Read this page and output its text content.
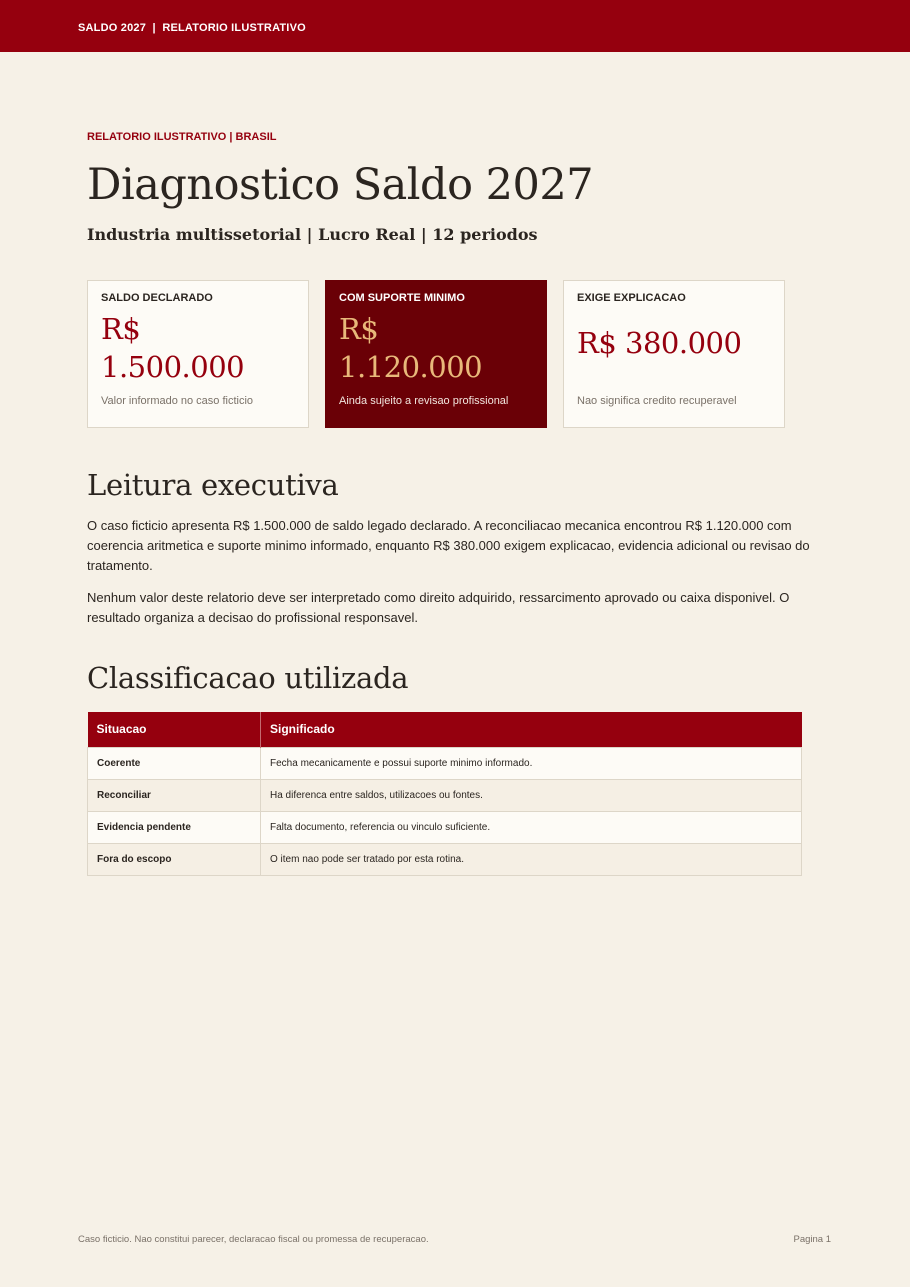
SALDO 2027  |  RELATORIO ILUSTRATIVO
RELATORIO ILUSTRATIVO | BRASIL
Diagnostico Saldo 2027
Industria multissetorial | Lucro Real | 12 periodos
SALDO DECLARADO
R$
1.500.000
Valor informado no caso ficticio
COM SUPORTE MINIMO
R$
1.120.000
Ainda sujeito a revisao profissional
EXIGE EXPLICACAO
R$ 380.000
Nao significa credito recuperavel
Leitura executiva

O caso ficticio apresenta R$ 1.500.000 de saldo legado declarado. A reconciliacao mecanica encontrou R$ 1.120.000 com coerencia aritmetica e suporte minimo informado, enquanto R$ 380.000 exigem explicacao, evidencia adicional ou revisao do tratamento.

Nenhum valor deste relatorio deve ser interpretado como direito adquirido, ressarcimento aprovado ou caixa disponivel. O resultado organiza a decisao do profissional responsavel.

Classificacao utilizada
Situacao	Significado
Coerente	Fecha mecanicamente e possui suporte minimo informado.
Reconciliar	Ha diferenca entre saldos, utilizacoes ou fontes.
Evidencia pendente	Falta documento, referencia ou vinculo suficiente.
Fora do escopo	O item nao pode ser tratado por esta rotina.
Caso ficticio. Nao constitui parecer, declaracao fiscal ou promessa de recuperacao.	Pagina 1
